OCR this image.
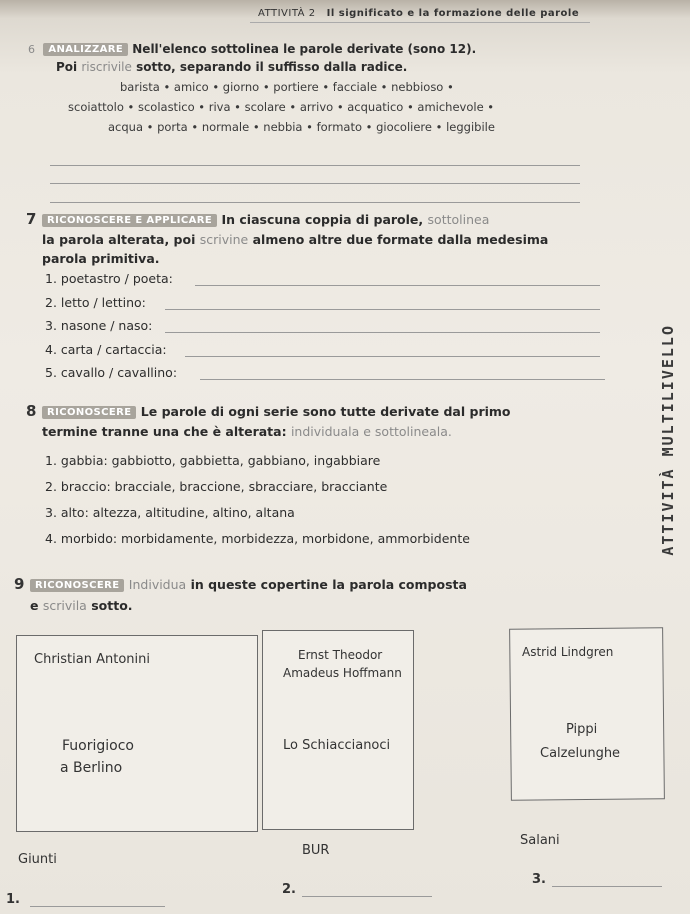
ATTIVITÀ 2 Il significato e la formazione delle parole
6 ANALIZZARE Nell'elenco sottolinea le parole derivate (sono 12).
Poi riscrivile sotto, separando il suffisso dalla radice.
barista • amico • giorno • portiere • facciale • nebbioso •
scoiattolo • scolastico • riva • scolare • arrivo • acquatico • amichevole •
acqua • porta • normale • nebbia • formato • giocoliere • leggibile
7	RICONOSCERE E APPLICARE In ciascuna coppia di parole, sottolinea
la parola alterata, poi scrivine almeno altre due formate dalla medesima
parola primitiva.
1. poetastro / poeta:
2. letto / lettino:
3. nasone / naso:
4. carta / cartaccia:
5. cavallo / cavallino:
8	RICONOSCERE Le parole di ogni serie sono tutte derivate dal primo
termine tranne una che è alterata: individuala e sottolineala.
1. gabbia: gabbiotto, gabbietta, gabbiano, ingabbiare
2. braccio: bracciale, braccione, sbracciare, bracciante
3. alto: altezza, altitudine, altino, altana
4. morbido: morbidamente, morbidezza, morbidone, ammorbidente	ATTIVITÀ MULTILIVELLO
9	RICONOSCERE Individua in queste copertine la parola composta
e scrivila sotto.
Christian Antonini
Fuorigioco
a Berlino
Giunti
1.
Ernst Theodor
Amadeus Hoffmann
Lo Schiaccianoci
BUR
2.
Astrid Lindgren
Pippi
Calzelunghe
Salani
3.
